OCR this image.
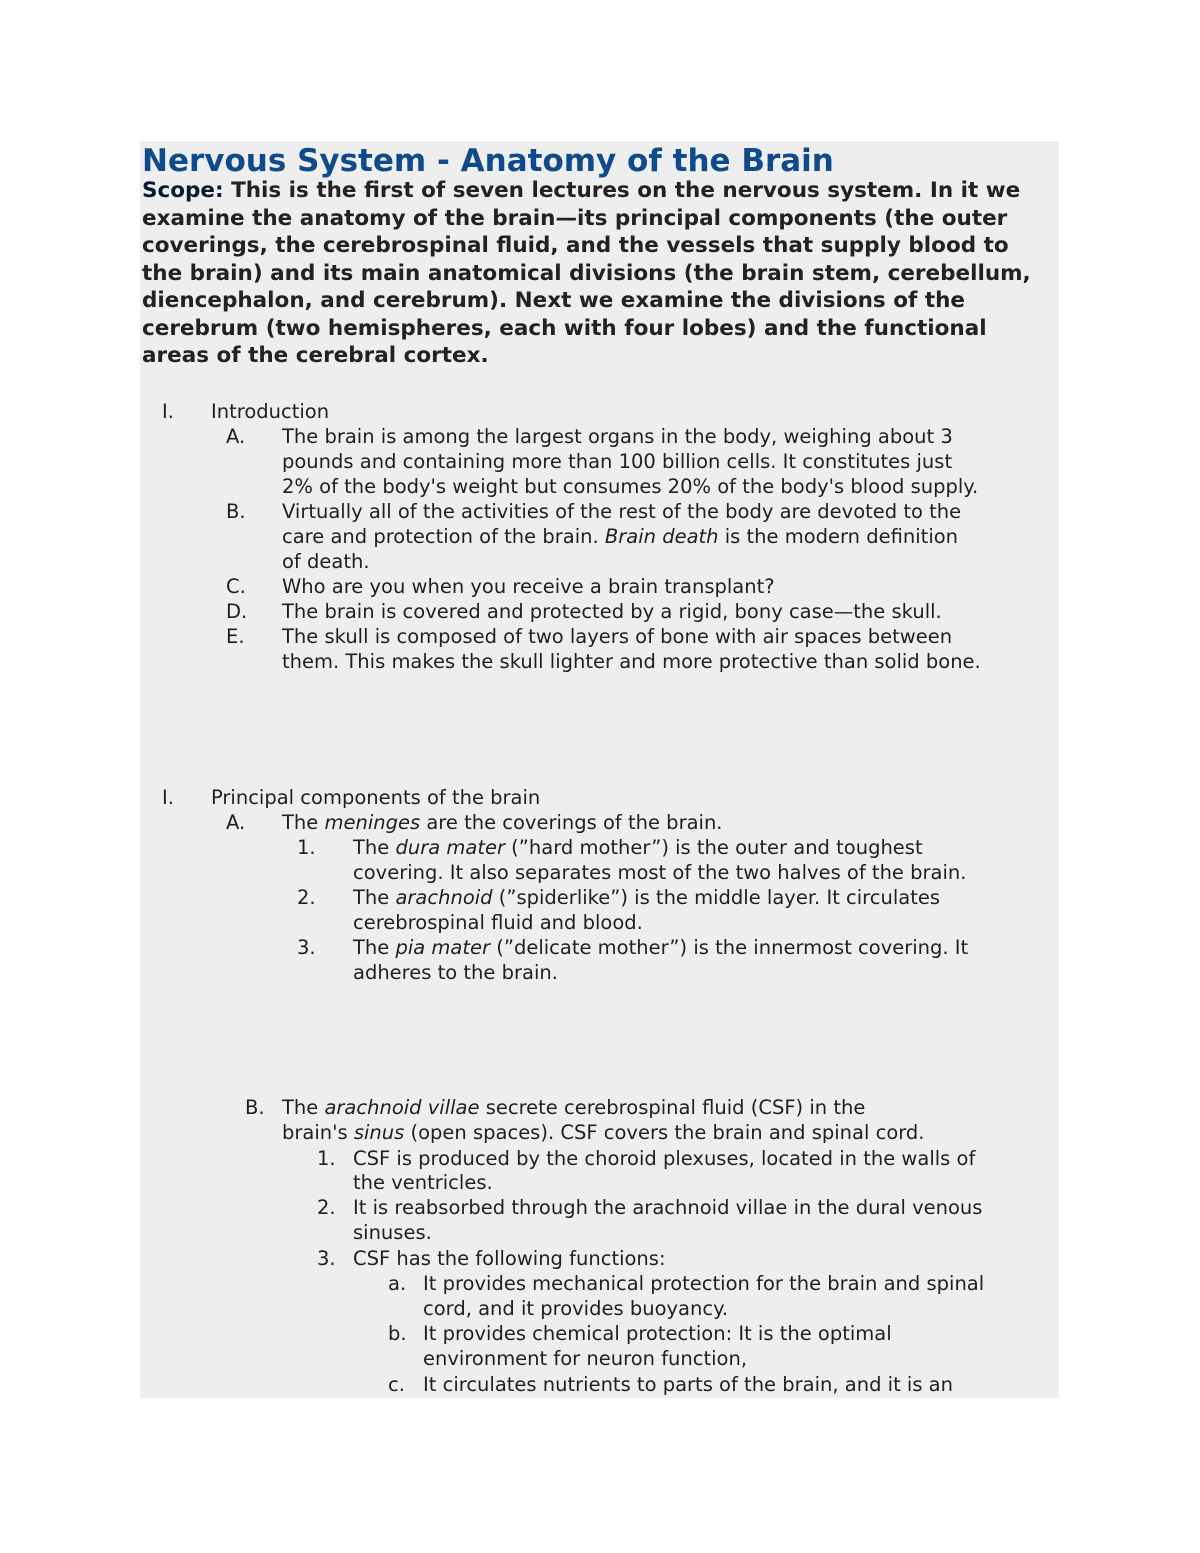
Nervous System - Anatomy of the Brain

Scope: This is the first of seven lectures on the nervous system. In it we examine the anatomy of the brain—its principal components (the outer coverings, the cerebrospinal fluid, and the vessels that supply blood to the brain) and its main anatomical divisions (the brain stem, cerebellum, diencephalon, and cerebrum). Next we examine the divisions of the cerebrum (two hemispheres, each with four lobes) and the functional areas of the cerebral cortex.

I. Introduction
A. The brain is among the largest organs in the body, weighing about 3
pounds and containing more than 100 billion cells. It constitutes just
2% of the body's weight but consumes 20% of the body's blood supply.
B. Virtually all of the activities of the rest of the body are devoted to the
care and protection of the brain. Brain death is the modern definition
of death.
C. Who are you when you receive a brain transplant?
D. The brain is covered and protected by a rigid, bony case—the skull.
E. The skull is composed of two layers of bone with air spaces between
them. This makes the skull lighter and more protective than solid bone.
I. Principal components of the brain
A. The meninges are the coverings of the brain.
1. The dura mater (”hard mother”) is the outer and toughest
covering. It also separates most of the two halves of the brain.
2. The arachnoid (”spiderlike”) is the middle layer. It circulates
cerebrospinal fluid and blood.
3. The pia mater (”delicate mother”) is the innermost covering. It
adheres to the brain.
B. The arachnoid villae secrete cerebrospinal fluid (CSF) in the
brain's sinus (open spaces). CSF covers the brain and spinal cord.
1. CSF is produced by the choroid plexuses, located in the walls of
the ventricles.
2. It is reabsorbed through the arachnoid villae in the dural venous
sinuses.
3. CSF has the following functions:
a. It provides mechanical protection for the brain and spinal
cord, and it provides buoyancy.
b. It provides chemical protection: It is the optimal
environment for neuron function,
c. It circulates nutrients to parts of the brain, and it is an
